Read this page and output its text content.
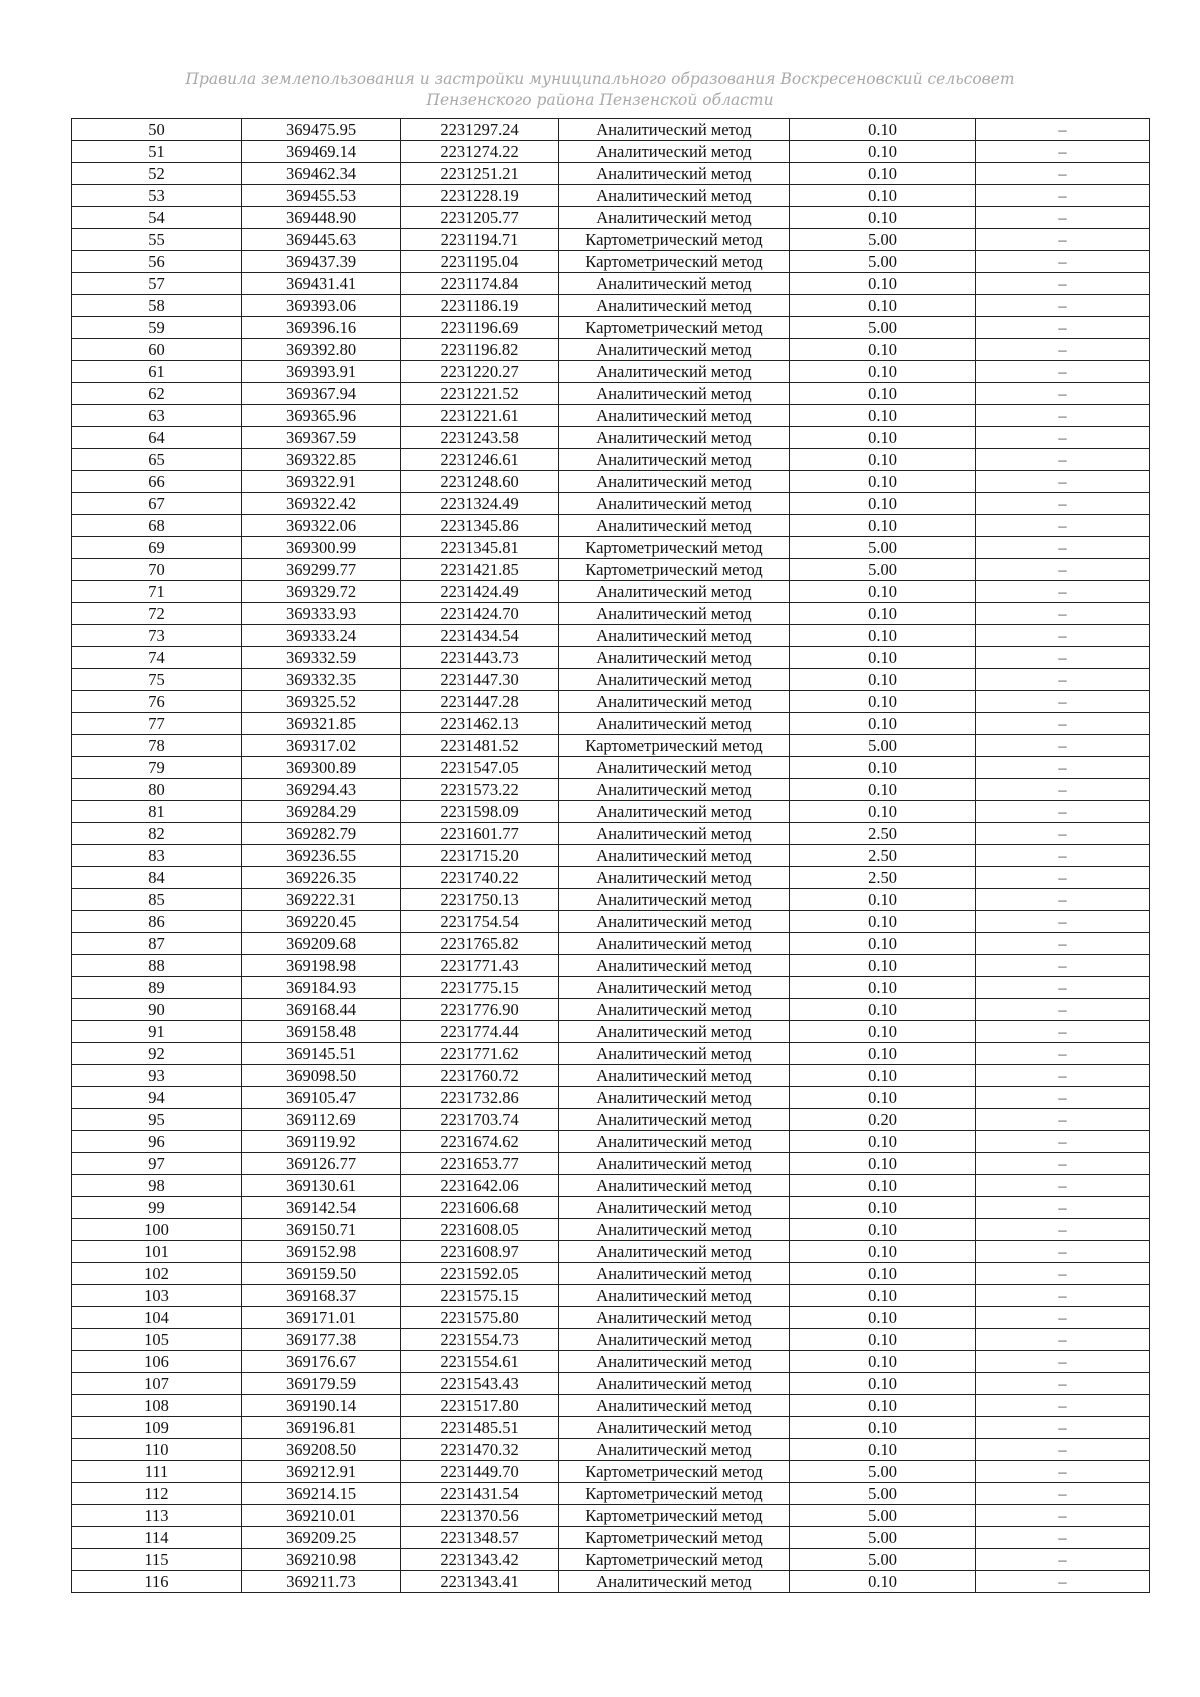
Правила землепользования и застройки муниципального образования Воскресеновский сельсовет
Пензенского района Пензенской области
50	369475.95	2231297.24	Аналитический метод	0.10	–
51	369469.14	2231274.22	Аналитический метод	0.10	–
52	369462.34	2231251.21	Аналитический метод	0.10	–
53	369455.53	2231228.19	Аналитический метод	0.10	–
54	369448.90	2231205.77	Аналитический метод	0.10	–
55	369445.63	2231194.71	Картометрический метод	5.00	–
56	369437.39	2231195.04	Картометрический метод	5.00	–
57	369431.41	2231174.84	Аналитический метод	0.10	–
58	369393.06	2231186.19	Аналитический метод	0.10	–
59	369396.16	2231196.69	Картометрический метод	5.00	–
60	369392.80	2231196.82	Аналитический метод	0.10	–
61	369393.91	2231220.27	Аналитический метод	0.10	–
62	369367.94	2231221.52	Аналитический метод	0.10	–
63	369365.96	2231221.61	Аналитический метод	0.10	–
64	369367.59	2231243.58	Аналитический метод	0.10	–
65	369322.85	2231246.61	Аналитический метод	0.10	–
66	369322.91	2231248.60	Аналитический метод	0.10	–
67	369322.42	2231324.49	Аналитический метод	0.10	–
68	369322.06	2231345.86	Аналитический метод	0.10	–
69	369300.99	2231345.81	Картометрический метод	5.00	–
70	369299.77	2231421.85	Картометрический метод	5.00	–
71	369329.72	2231424.49	Аналитический метод	0.10	–
72	369333.93	2231424.70	Аналитический метод	0.10	–
73	369333.24	2231434.54	Аналитический метод	0.10	–
74	369332.59	2231443.73	Аналитический метод	0.10	–
75	369332.35	2231447.30	Аналитический метод	0.10	–
76	369325.52	2231447.28	Аналитический метод	0.10	–
77	369321.85	2231462.13	Аналитический метод	0.10	–
78	369317.02	2231481.52	Картометрический метод	5.00	–
79	369300.89	2231547.05	Аналитический метод	0.10	–
80	369294.43	2231573.22	Аналитический метод	0.10	–
81	369284.29	2231598.09	Аналитический метод	0.10	–
82	369282.79	2231601.77	Аналитический метод	2.50	–
83	369236.55	2231715.20	Аналитический метод	2.50	–
84	369226.35	2231740.22	Аналитический метод	2.50	–
85	369222.31	2231750.13	Аналитический метод	0.10	–
86	369220.45	2231754.54	Аналитический метод	0.10	–
87	369209.68	2231765.82	Аналитический метод	0.10	–
88	369198.98	2231771.43	Аналитический метод	0.10	–
89	369184.93	2231775.15	Аналитический метод	0.10	–
90	369168.44	2231776.90	Аналитический метод	0.10	–
91	369158.48	2231774.44	Аналитический метод	0.10	–
92	369145.51	2231771.62	Аналитический метод	0.10	–
93	369098.50	2231760.72	Аналитический метод	0.10	–
94	369105.47	2231732.86	Аналитический метод	0.10	–
95	369112.69	2231703.74	Аналитический метод	0.20	–
96	369119.92	2231674.62	Аналитический метод	0.10	–
97	369126.77	2231653.77	Аналитический метод	0.10	–
98	369130.61	2231642.06	Аналитический метод	0.10	–
99	369142.54	2231606.68	Аналитический метод	0.10	–
100	369150.71	2231608.05	Аналитический метод	0.10	–
101	369152.98	2231608.97	Аналитический метод	0.10	–
102	369159.50	2231592.05	Аналитический метод	0.10	–
103	369168.37	2231575.15	Аналитический метод	0.10	–
104	369171.01	2231575.80	Аналитический метод	0.10	–
105	369177.38	2231554.73	Аналитический метод	0.10	–
106	369176.67	2231554.61	Аналитический метод	0.10	–
107	369179.59	2231543.43	Аналитический метод	0.10	–
108	369190.14	2231517.80	Аналитический метод	0.10	–
109	369196.81	2231485.51	Аналитический метод	0.10	–
110	369208.50	2231470.32	Аналитический метод	0.10	–
111	369212.91	2231449.70	Картометрический метод	5.00	–
112	369214.15	2231431.54	Картометрический метод	5.00	–
113	369210.01	2231370.56	Картометрический метод	5.00	–
114	369209.25	2231348.57	Картометрический метод	5.00	–
115	369210.98	2231343.42	Картометрический метод	5.00	–
116	369211.73	2231343.41	Аналитический метод	0.10	–
